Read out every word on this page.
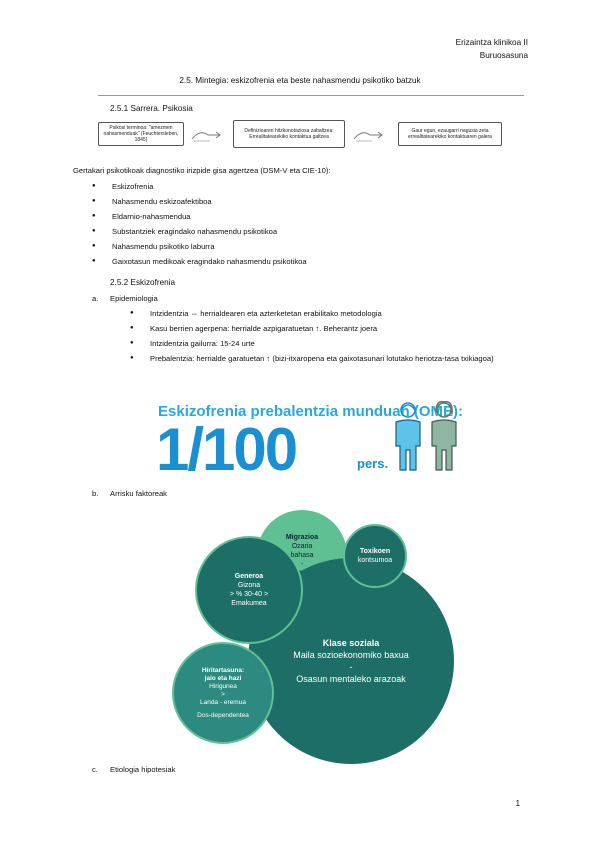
Erizaintza klinikoa II
Buruosasuna
2.5. Mintegia: eskizofrenia eta beste nahasmendu psikotiko batzuk
2.5.1 Sarrera. Psikosia
Psikosi terminoa: "amezmen nahasmenduak" (Feuchtersleben, 1845)
Definizioaren hitzkonotaziosa zabaltzea: Errealitatearekiko kontaktua galtzea
Gaur egun, ezaugarri nagusia zeta errealitatearekiko kontaktuaren galera
Gertakari psikotikoak diagnostiko irizpide gisa agertzea (DSM-V eta CIE-10):
● Eskizofrenia
● Nahasmendu eskizoafektiboa
● Eldarnio-nahasmendua
● Substantziek eragindako nahasmendu psikotikoa
● Nahasmendu psikotiko laburra
● Gaixotasun medikoak eragindako nahasmendu psikotikoa
2.5.2 Eskizofrenia
a. Epidemiologia
● Intzidentzia ⇔ herrialdearen eta azterketetan erabilitako metodologia
● Kasu berrien agerpena: herrialde azpigaratuetan ↑. Beherantz joera
● Intzidentzia gailurra: 15-24 urte
● Prebalentzia: herrialde garatuetan ↑ (bizi-itxaropena eta gaixotasunari lotutako heriotza-tasa txikiagoa)
Eskizofrenia prebalentzia munduan (OME):
1/100	pers.
b. Arrisku faktoreak
Migrazioa
Ozaria
bahasa
-
Klase soziala
Maila sozioekonomiko baxua
-
Osasun mentaleko arazoak
Generoa
Gizona
> % 30-40 >
Emakumea
Toxikoen
kontsumoa
Hiritartasuna:
jaio eta hazi
Hirigunea
>
Landa - eremua
Dos-dependentea
c. Etiologia hipotesiak
1
